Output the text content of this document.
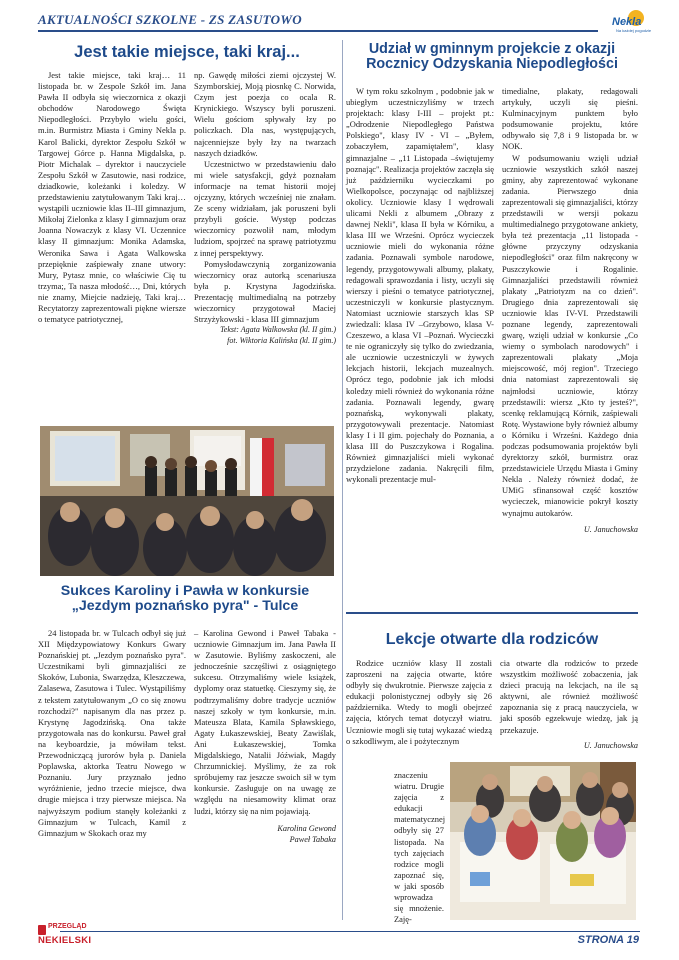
AKTUALNOŚCI SZKOLNE - ZS ZASUTOWO	Nekla
Na każdej pogodzie
Jest takie miejsce, taki kraj...

Jest takie miejsce, taki kraj… 11 listopada br. w Zespole Szkół im. Jana Pawła II odbyła się wieczornica z okazji obchodów Narodowego Święta Niepodległości. Przybyło wielu gości, m.in. Burmistrz Miasta i Gminy Nekla p. Karol Balicki, dyrektor Zespołu Szkół w Targowej Górce p. Hanna Migdalska, p. Piotr Michalak – dyrektor i nauczyciele Zespołu Szkół w Zasutowie, nasi rodzice, dziadkowie, koleżanki i koledzy. W przedstawieniu zatytułowanym Taki kraj… wystąpili uczniowie klas II–III gimnazjum, Mikołaj Zielonka z klasy I gimnazjum oraz Joanna Nowaczyk z klasy VI. Uczennice klasy II gimnazjum: Monika Adamska, Weronika Sawa i Agata Walkowska przepięknie zaśpiewały znane utwory: Mury, Pytasz mnie, co właściwie Cię tu trzyma;, Ta nasza młodość…, Dni, których nie znamy, Miejcie nadzieję, Taki kraj… Recytatorzy zaprezentowali piękne wiersze o tematyce patriotycznej,

np. Gawędę miłości ziemi ojczystej W. Szymborskiej, Moją piosnkę C. Norwida, Czym jest poezja co ocala R. Krynickiego. Wszyscy byli poruszeni. Wielu gościom spływały łzy po policzkach. Dla nas, występujących, najcenniejsze były łzy na twarzach naszych dziadków.

Uczestnictwo w przedstawieniu dało mi wiele satysfakcji, gdyż poznałam informacje na temat historii mojej ojczyzny, których wcześniej nie znałam. Ze sceny widziałam, jak poruszeni byli przybyli goście. Występ podczas wieczornicy pozwolił nam, młodym ludziom, spojrzeć na sprawę patriotyzmu z innej perspektywy.

Pomysłodawczynią zorganizowania wieczornicy oraz autorką scenariusza była p. Krystyna Jagodzińska. Prezentację multimedialną na potrzeby wieczornicy przygotował Maciej Strzyżykowski - klasa III gimnazjum

Tekst: Agata Walkowska (kl. II gim.)
fot. Wiktoria Kalińska (kl. II gim.)
Sukces Karoliny i Pawła w konkursie „Jezdym poznańsko pyra" - Tulce

24 listopada br. w Tulcach odbył się już XII Międzypowiatowy Konkurs Gwary Poznańskiej pt. „Jezdym poznańsko pyra". Uczestnikami byli gimnazjaliści ze Skoków, Lubonia, Swarzędza, Kleszczewa, Zalasewa, Zasutowa i Tulec. Wystąpiliśmy z tekstem zatytułowanym „O co się znowu rozchodzi?" napisanym dla nas przez p. Krystynę Jagodzińską. Ona także przygotowała nas do konkursu. Paweł grał na keyboardzie, ja mówiłam tekst. Przewodniczącą jurorów była p. Daniela Poplawska, aktorka Teatru Nowego w Poznaniu. Jury przyznało jedno wyróżnienie, jedno trzecie miejsce, dwa drugie miejsca i trzy pierwsze miejsca. Na najwyższym podium stanęły koleżanki z Gimnazjum w Tulcach, Kamil z Gimnazjum w Skokach oraz my

– Karolina Gewond i Paweł Tabaka - uczniowie Gimnazjum im. Jana Pawła II w Zasutowie. Byliśmy zaskoczeni, ale jednocześnie szczęśliwi z osiągniętego sukcesu. Otrzymaliśmy wiele książek, dyplomy oraz statuetkę. Cieszymy się, że podtrzymaliśmy dobre tradycje uczniów naszej szkoły w tym konkursie, m.in. Mateusza Blata, Kamila Spławskiego, Agaty Łukaszewskiej, Beaty Zawiślak, Ani Łukaszewskiej, Tomka Migdalskiego, Natalii Jóźwiak, Magdy Chrzumnickiej. Myślimy, że za rok spróbujemy raz jeszcze swoich sił w tym konkursie. Zasługuje on na uwagę ze względu na niesamowity klimat oraz ludzi, którzy się na nim pojawiają.

Karolina Gewond
Paweł Tabaka
Udział w gminnym projekcie z okazji Rocznicy Odzyskania Niepodległości

W tym roku szkolnym , podobnie jak w ubiegłym uczestniczyliśmy w trzech projektach: klasy I-III – projekt pt.: „Odrodzenie Niepodległego Państwa Polskiego", klasy IV - VI – „Byłem, zobaczyłem, zapamiętałem", klasy gimnazjalne – „11 Listopada –świętujemy poznając". Realizacja projektów zaczęła się już październiku wycieczkami po Wielkopolsce, poczynając od najbliższej okolicy. Uczniowie klasy I wędrowali ulicami Nekli z albumem „Obrazy z dawnej Nekli", klasa II była w Kórniku, a klasa III we Wrześni. Oprócz wycieczek uczniowie mieli do wykonania różne zadania. Poznawali symbole narodowe, legendy, przygotowywali albumy, plakaty, redagowali sprawozdania i listy, uczyli się wierszy i pieśni o tematyce patriotycznej, uczestniczyli w konkursie plastycznym. Natomiast uczniowie starszych klas SP zwiedzali: klasa IV –Grzybowo, klasa V- Czeszewo, a klasa VI –Poznań. Wycieczki te nie ograniczyły się tylko do zwiedzania, ale uczniowie uczestniczyli w żywych lekcjach historii, lekcjach muzealnych. Oprócz tego, podobnie jak ich młodsi koledzy mieli również do wykonania różne zadania. Poznawali legendy, gwarę poznańską, wykonywali plakaty, przygotowywali prezentacje. Natomiast klasy I i II gim. pojechały do Poznania, a klasa III do Puszczykowa i Rogalina. Również gimnazjaliści mieli wykonać przydzielone zadania. Nakręcili film, wykonali prezentacje mul-

timedialne, plakaty, redagowali artykuły, uczyli się pieśni. Kulminacyjnym punktem było podsumowanie projektu, które odbywało się 7,8 i 9 listopada br. w NOK.

W podsumowaniu wzięli udział uczniowie wszystkich szkół naszej gminy, aby zaprezentować wykonane zadania. Pierwszego dnia zaprezentowali się gimnazjaliści, którzy przedstawili w wersji pokazu multimedialnego przygotowane ankiety, była też prezentacja „11 listopada - główne przyczyny odzyskania niepodległości" oraz film nakręcony w Puszczykowie i Rogalinie. Gimnazjaliści przedstawili również plakaty „Patriotyzm na co dzień". Drugiego dnia zaprezentowali się uczniowie klas IV-VI. Przedstawili poznane legendy, zaprezentowali gwarę, wzięli udział w konkursie „Co wiemy o symbolach narodowych" i zaprezentowali plakaty „Moja miejscowość, mój region". Trzeciego dnia natomiast zaprezentowali się najmłodsi uczniowie, którzy przedstawili: wiersz „Kto ty jesteś?", scenkę reklamującą Kórnik, zaśpiewali Rotę. Wystawione były również albumy o Kórniku i Wrześni. Każdego dnia podczas podsumowania projektów byli dyrektorzy szkół, burmistrz oraz przedstawiciele Urzędu Miasta i Gminy Nekla . Należy również dodać, że UMiG sfinansował część kosztów wycieczek, mianowicie pokrył koszty wynajmu autokarów.

U. Januchowska
Lekcje otwarte dla rodziców

Rodzice uczniów klasy II zostali zaproszeni na zajęcia otwarte, które odbyły się dwukrotnie. Pierwsze zajęcia z edukacji polonistycznej odbyły się 26 października. Wtedy to mogli obejrzeć zajęcia, których temat dotyczył wiatru. Uczniowie mogli się tutaj wykazać wiedzą o szkodliwym, ale i pożytecznym

znaczeniu wiatru. Drugie zajęcia z edukacji matematycznej odbyły się 27 listopada. Na tych zajęciach rodzice mogli zapoznać się, w jaki sposób wprowadza się mnożenie. Zaję-

cia otwarte dla rodziców to przede wszystkim możliwość zobaczenia, jak dzieci pracują na lekcjach, na ile są aktywni, ale również możliwość zapoznania się z pracą nauczyciela, w jaki sposób egzekwuje wiedzę, jak ją przekazuje.

U. Januchowska
PRZEGLĄD
NEKIELSKI	STRONA 19
